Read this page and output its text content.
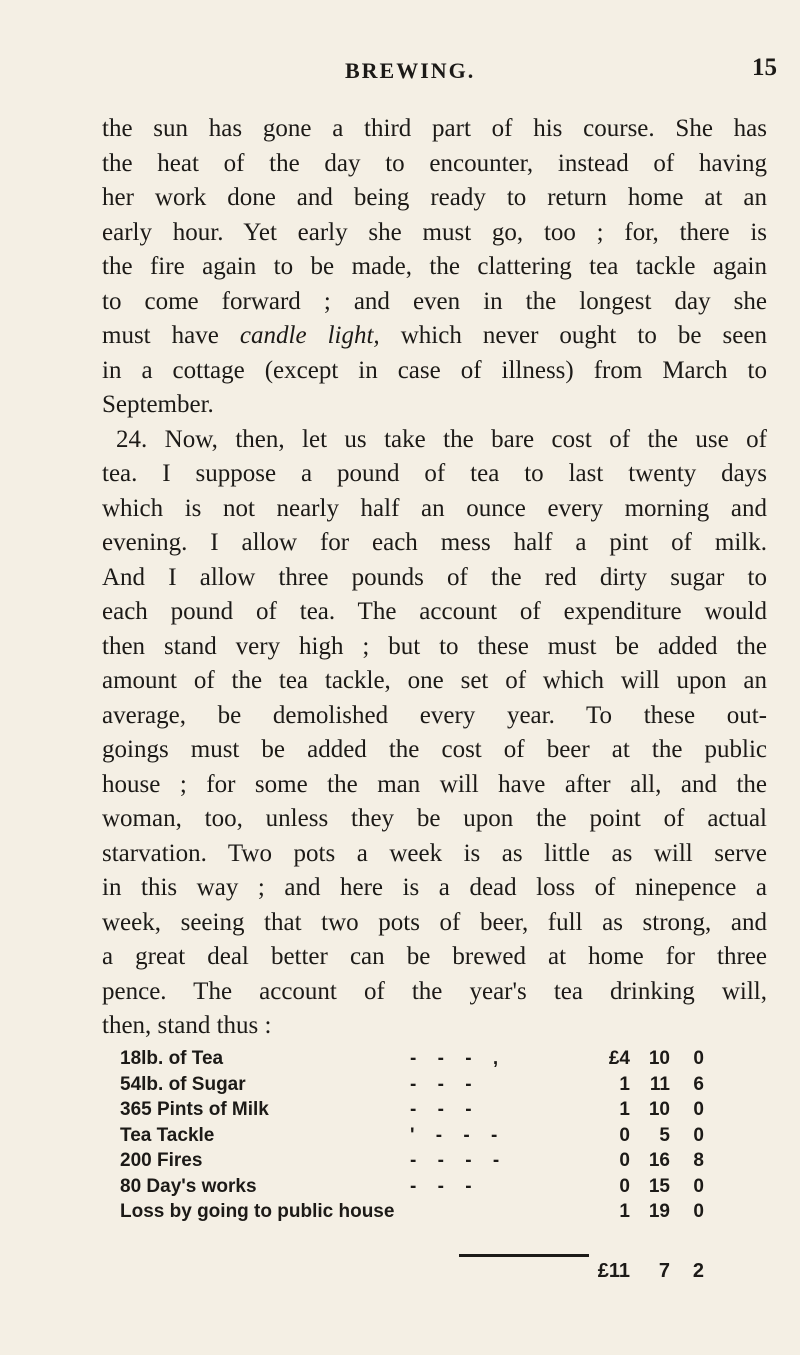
BREWING.	15
the sun has gone a third part of his course. She has
the heat of the day to encounter, instead of having
her work done and being ready to return home at an
early hour. Yet early she must go, too ; for, there is
the fire again to be made, the clattering tea tackle again
to come forward ; and even in the longest day she
must have candle light, which never ought to be seen
in a cottage (except in case of illness) from March to
September.
24. Now, then, let us take the bare cost of the use of
tea. I suppose a pound of tea to last twenty days
which is not nearly half an ounce every morning and
evening. I allow for each mess half a pint of milk.
And I allow three pounds of the red dirty sugar to
each pound of tea. The account of expenditure would
then stand very high ; but to these must be added the
amount of the tea tackle, one set of which will upon an
average, be demolished every year. To these out-
goings must be added the cost of beer at the public
house ; for some the man will have after all, and the
woman, too, unless they be upon the point of actual
starvation. Two pots a week is as little as will serve
in this way ; and here is a dead loss of ninepence a
week, seeing that two pots of beer, full as strong, and
a great deal better can be brewed at home for three
pence. The account of the year's tea drinking will,
then, stand thus :
18lb. of Tea	- - - ,	£4 10	0
54lb. of Sugar	- - -	1	11	6
365 Pints of Milk	- - -	1 10	0
Tea Tackle	' - - -	0	5	0
200 Fires	- - - -	0 16	8
80 Day's works	- - -	0 15	0
Loss by going to public house	1 19	0
£11	7	2
